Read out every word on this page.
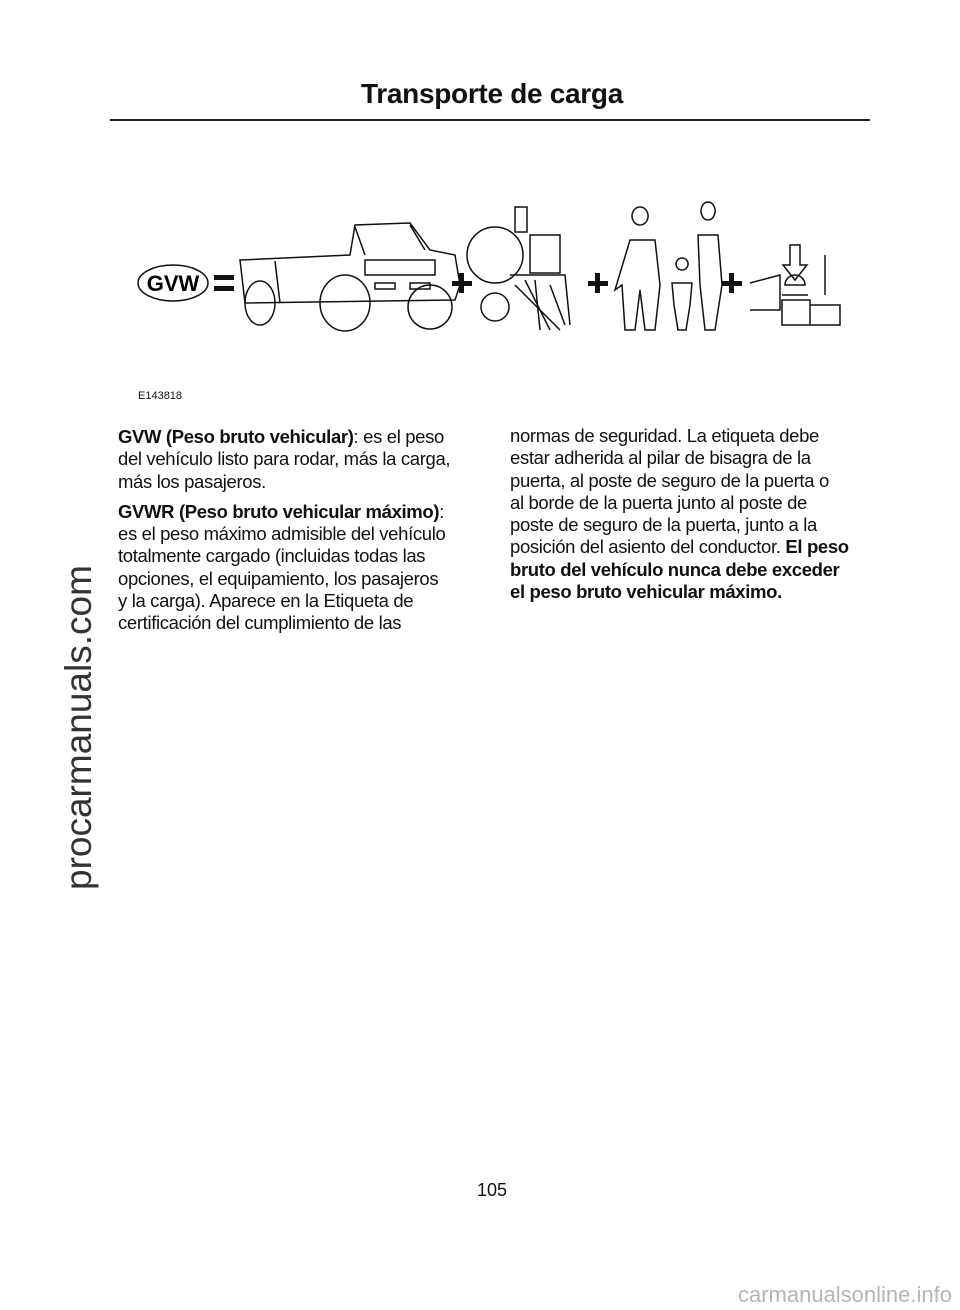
Transporte de carga
GVW
E143818
GVW (Peso bruto vehicular): es el peso
del vehículo listo para rodar, más la carga,
más los pasajeros.
GVWR (Peso bruto vehicular máximo):
es el peso máximo admisible del vehículo
totalmente cargado (incluidas todas las
opciones, el equipamiento, los pasajeros
y la carga). Aparece en la Etiqueta de
certificación del cumplimiento de las
normas de seguridad. La etiqueta debe
estar adherida al pilar de bisagra de la
puerta, al poste de seguro de la puerta o
al borde de la puerta junto al poste de
poste de seguro de la puerta, junto a la
posición del asiento del conductor. El peso
bruto del vehículo nunca debe exceder
el peso bruto vehicular máximo.
105
procarmanuals.com
carmanualsonline.info
